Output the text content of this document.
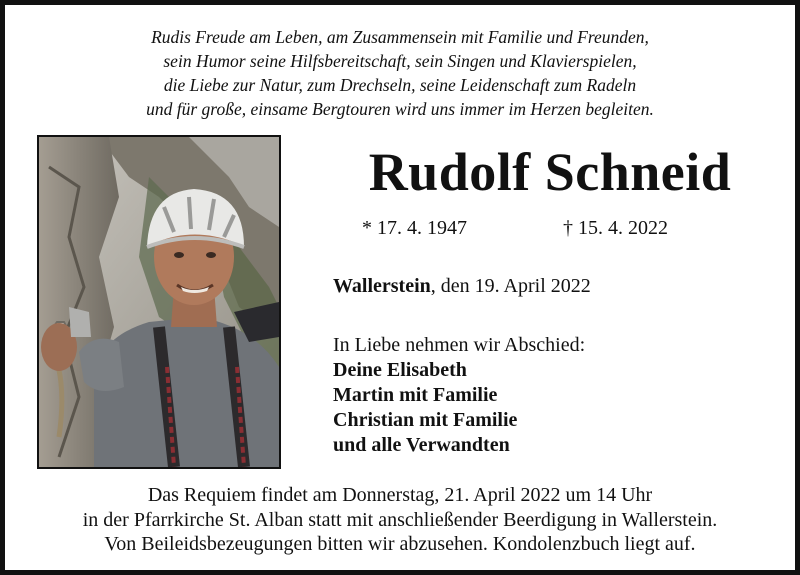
Rudis Freude am Leben, am Zusammensein mit Familie und Freunden,
sein Humor seine Hilfsbereitschaft, sein Singen und Klavierspielen,
die Liebe zur Natur, zum Drechseln, seine Leidenschaft zum Radeln
und für große, einsame Bergtouren wird uns immer im Herzen begleiten.
Rudolf Schneid
* 17. 4. 1947	† 15. 4. 2022
Wallerstein, den 19. April 2022
In Liebe nehmen wir Abschied:
Deine Elisabeth
Martin mit Familie
Christian mit Familie
und alle Verwandten
Das Requiem findet am Donnerstag, 21. April 2022 um 14 Uhr
in der Pfarrkirche St. Alban statt mit anschließender Beerdigung in Wallerstein.
Von Beileidsbezeugungen bitten wir abzusehen. Kondolenzbuch liegt auf.
